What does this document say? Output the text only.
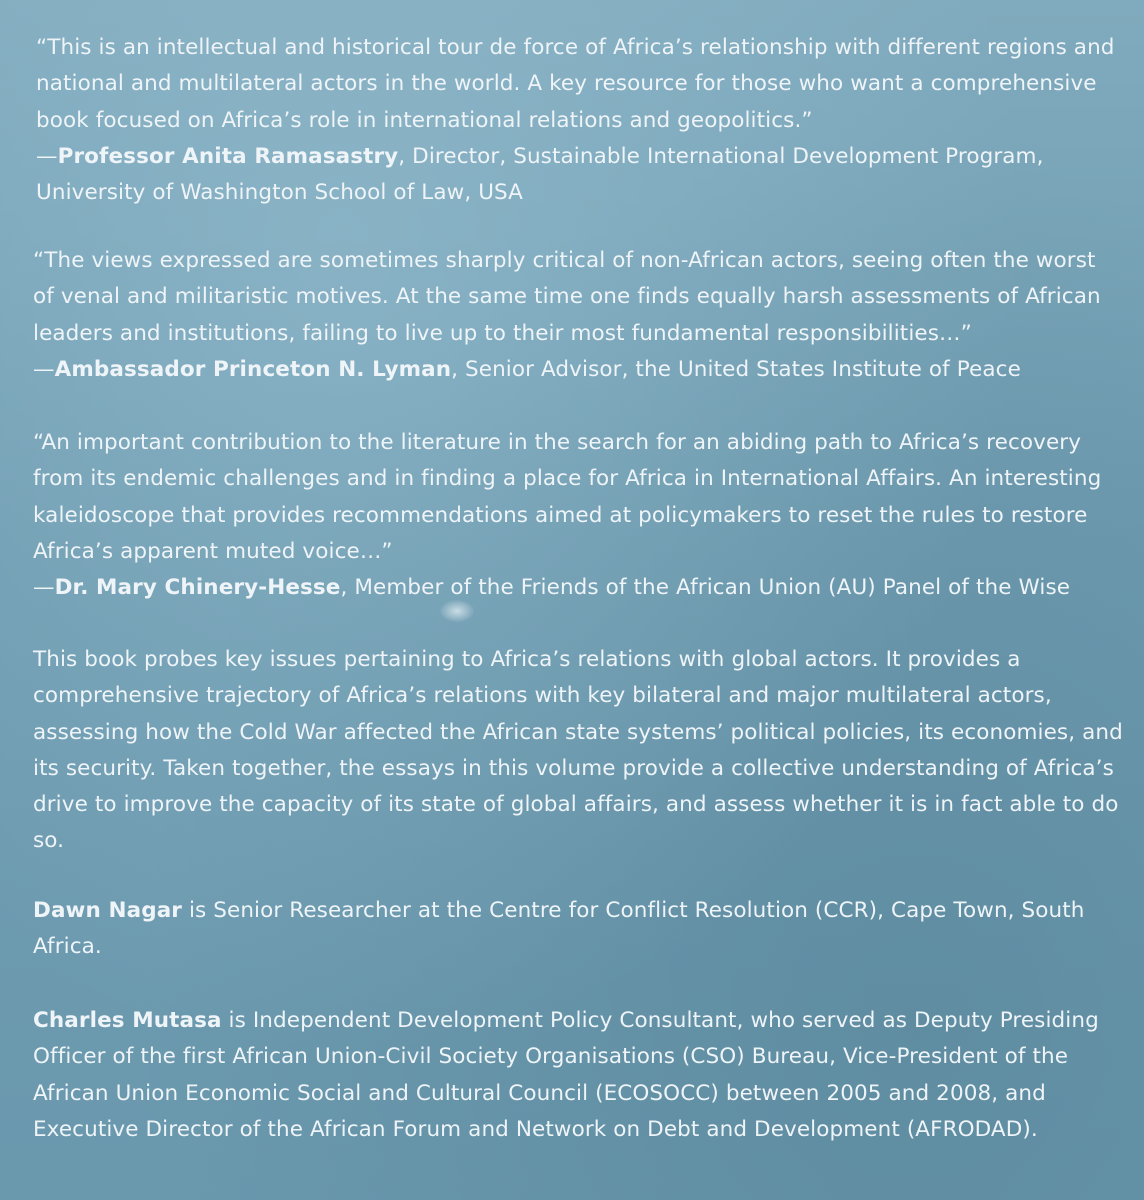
“This is an intellectual and historical tour de force of Africa’s relationship with different regions and national and multilateral actors in the world. A key resource for those who want a comprehensive book focused on Africa’s role in international relations and geopolitics.”

—Professor Anita Ramasastry, Director, Sustainable International Development Program, University of Washington School of Law, USA

“The views expressed are sometimes sharply critical of non-African actors, seeing often the worst of venal and militaristic motives. At the same time one finds equally harsh assessments of African leaders and institutions, failing to live up to their most fundamental responsibilities…”

—Ambassador Princeton N. Lyman, Senior Advisor, the United States Institute of Peace

“An important contribution to the literature in the search for an abiding path to Africa’s recovery from its endemic challenges and in finding a place for Africa in International Affairs. An interesting kaleidoscope that provides recommendations aimed at policymakers to reset the rules to restore Africa’s apparent muted voice…”

—Dr. Mary Chinery-Hesse, Member of the Friends of the African Union (AU) Panel of the Wise

This book probes key issues pertaining to Africa’s relations with global actors. It provides a comprehensive trajectory of Africa’s relations with key bilateral and major multilateral actors, assessing how the Cold War affected the African state systems’ political policies, its economies, and its security. Taken together, the essays in this volume provide a collective understanding of Africa’s drive to improve the capacity of its state of global affairs, and assess whether it is in fact able to do so.

Dawn Nagar is Senior Researcher at the Centre for Conflict Resolution (CCR), Cape Town, South Africa.

Charles Mutasa is Independent Development Policy Consultant, who served as Deputy Presiding Officer of the first African Union-Civil Society Organisations (CSO) Bureau, Vice-President of the African Union Economic Social and Cultural Council (ECOSOCC) between 2005 and 2008, and Executive Director of the African Forum and Network on Debt and Development (AFRODAD).
